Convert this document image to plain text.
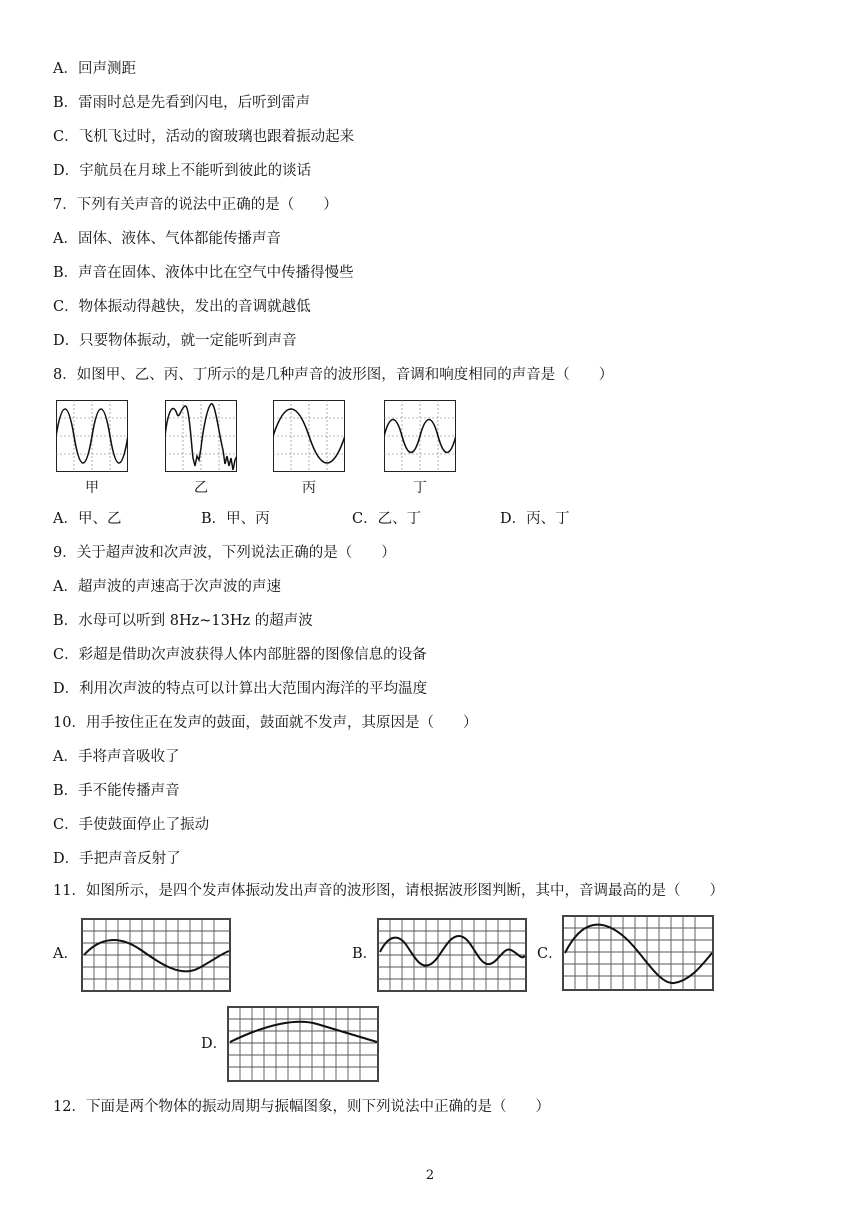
A．回声测距
B．雷雨时总是先看到闪电，后听到雷声
C．飞机飞过时，活动的窗玻璃也跟着振动起来
D．宇航员在月球上不能听到彼此的谈话
7．下列有关声音的说法中正确的是（　　）
A．固体、液体、气体都能传播声音
B．声音在固体、液体中比在空气中传播得慢些
C．物体振动得越快，发出的音调就越低
D．只要物体振动，就一定能听到声音
8．如图甲、乙、丙、丁所示的是几种声音的波形图，音调和响度相同的声音是（　　）
甲	乙	丙	丁
A．甲、乙	B．甲、丙	C．乙、丁	D．丙、丁
9．关于超声波和次声波，下列说法正确的是（　　）
A．超声波的声速高于次声波的声速
B．水母可以听到 8Hz~13Hz 的超声波
C．彩超是借助次声波获得人体内部脏器的图像信息的设备
D．利用次声波的特点可以计算出大范围内海洋的平均温度
10．用手按住正在发声的鼓面，鼓面就不发声，其原因是（　　）
A．手将声音吸收了
B．手不能传播声音
C．手使鼓面停止了振动
D．手把声音反射了
11．如图所示，是四个发声体振动发出声音的波形图，请根据波形图判断，其中，音调最高的是（　　）
A．	B．	C．
D．
12．下面是两个物体的振动周期与振幅图象，则下列说法中正确的是（　　）
2
